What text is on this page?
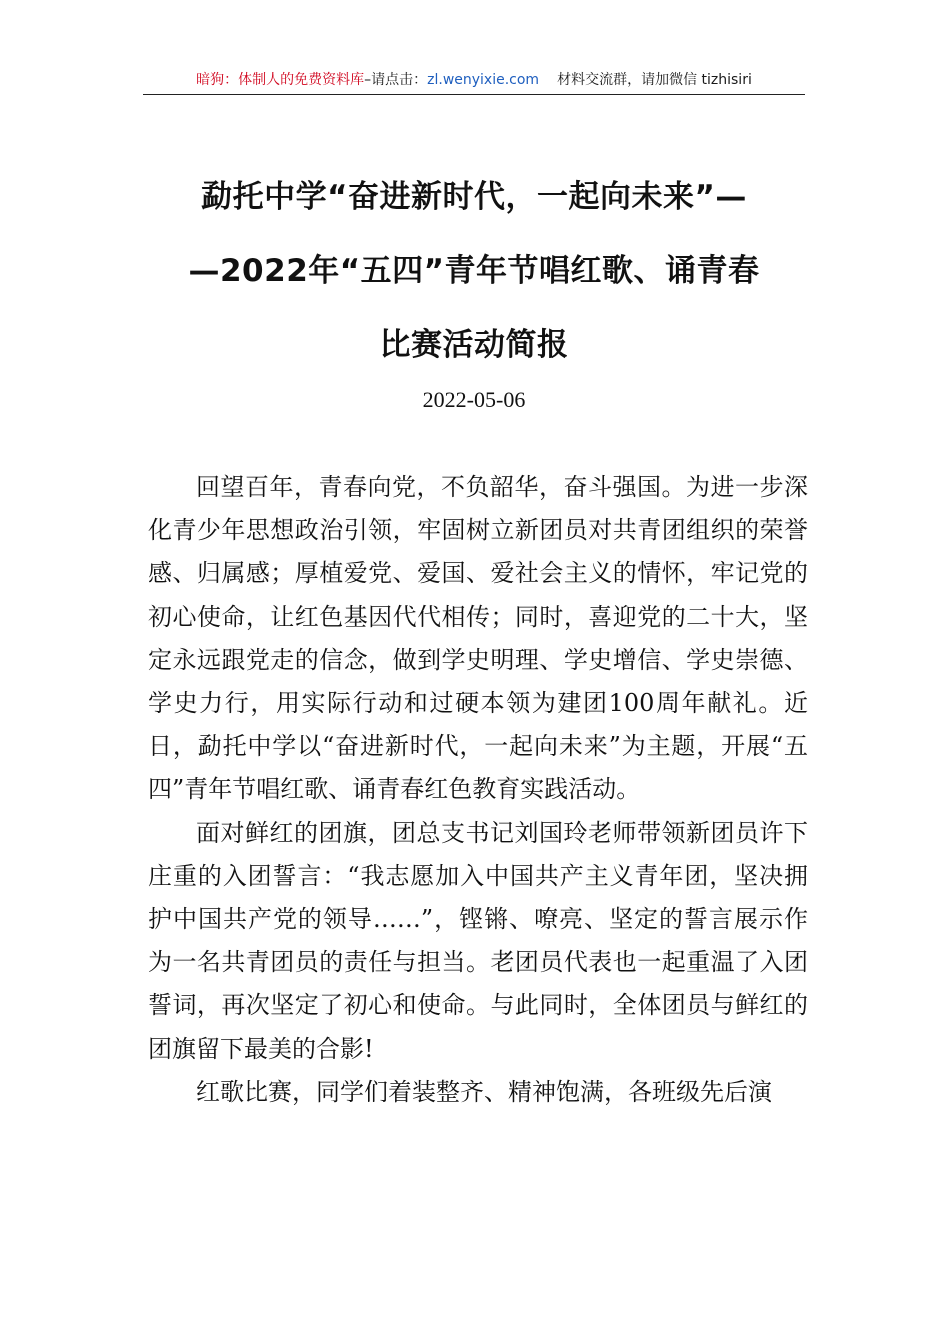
暗狗：体制人的免费资料库–请点击：zl.wenyixie.com 材料交流群，请加微信 tizhisiri
勐托中学“奋进新时代，一起向未来”—
—2022年“五四”青年节唱红歌、诵青春
比赛活动简报
2022-05-06

回望百年，青春向党，不负韶华，奋斗强国。为进一步深化青少年思想政治引领，牢固树立新团员对共青团组织的荣誉感、归属感；厚植爱党、爱国、爱社会主义的情怀，牢记党的初心使命，让红色基因代代相传；同时，喜迎党的二十大，坚定永远跟党走的信念，做到学史明理、学史增信、学史崇德、学史力行，用实际行动和过硬本领为建团100周年献礼。近日，勐托中学以“奋进新时代，一起向未来”为主题，开展“五四”青年节唱红歌、诵青春红色教育实践活动。

面对鲜红的团旗，团总支书记刘国玲老师带领新团员许下庄重的入团誓言：“我志愿加入中国共产主义青年团，坚决拥护中国共产党的领导……”，铿锵、嘹亮、坚定的誓言展示作为一名共青团员的责任与担当。老团员代表也一起重温了入团誓词，再次坚定了初心和使命。与此同时，全体团员与鲜红的团旗留下最美的合影!

红歌比赛，同学们着装整齐、精神饱满，各班级先后演
